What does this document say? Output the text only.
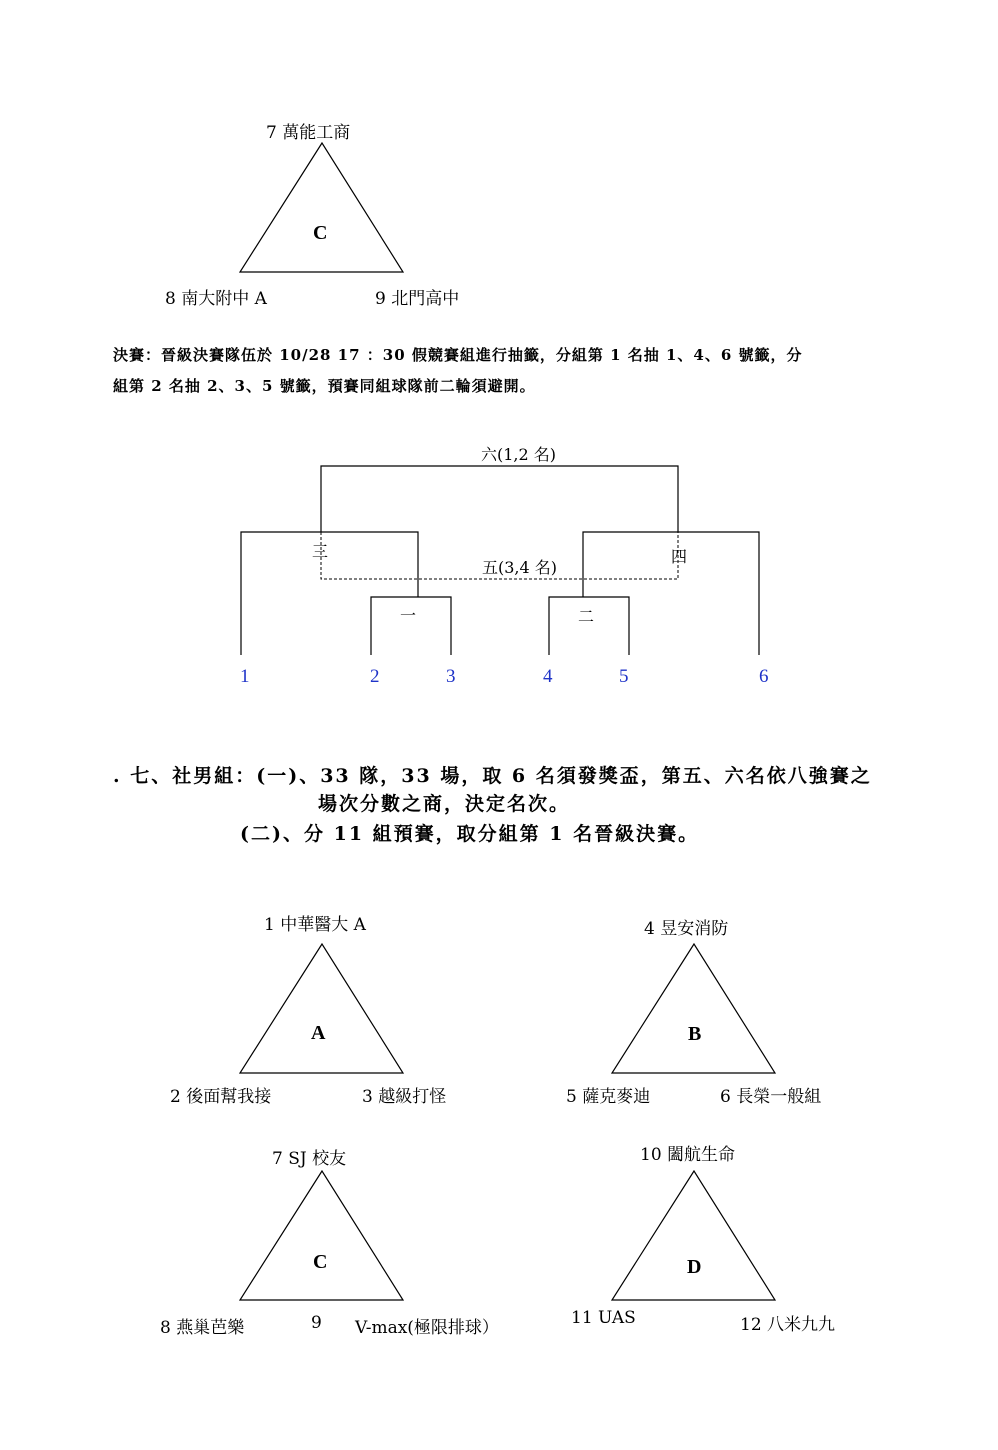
7 萬能工商
C
8 南大附中 A	9 北門高中
決賽：晉級決賽隊伍於 10/28 17 ：30 假競賽組進行抽籤，分組第 1 名抽 1、4、6 號籤，分
組第 2 名抽 2、3、5 號籤，預賽同組球隊前二輪須避開。
六(1,2 名)
五(3,4 名)
三	四
一	二
1	2	3	4	5	6
. 七、社男組：(一)、33 隊，33 場，取 6 名須發獎盃，第五、六名依八強賽之
場次分數之商，決定名次。
(二)、分 11 組預賽，取分組第 1 名晉級決賽。
1 中華醫大 A
A
2 後面幫我接	3 越級打怪
4 昱安消防
B
5 薩克麥迪	6 長榮一般組
7 SJ 校友
C
8 燕巢芭樂	9 V-max(極限排球）
10 闔航生命
D
11 UAS	12 八米九九
